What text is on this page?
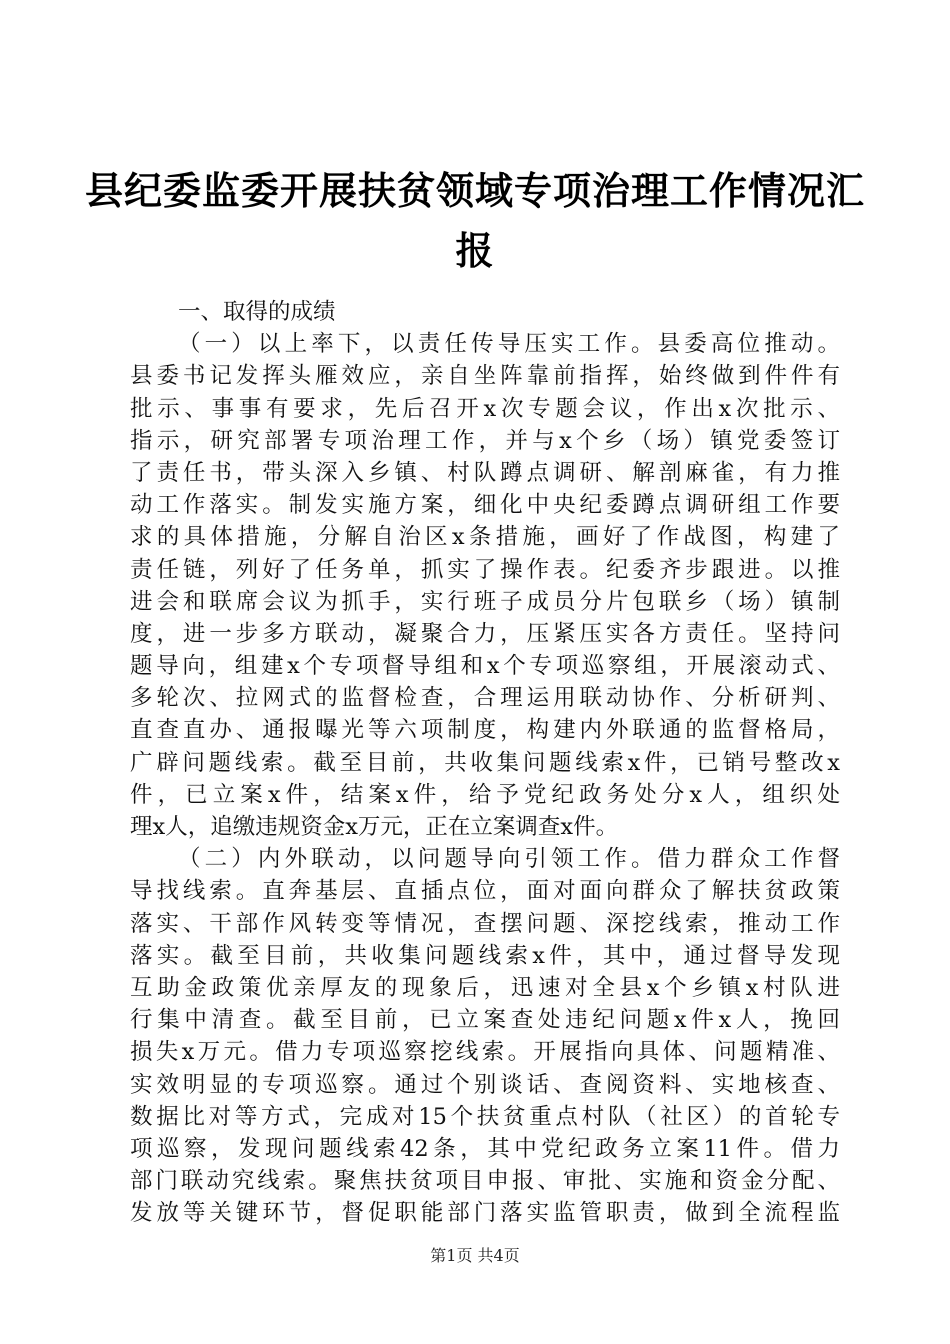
县纪委监委开展扶贫领域专项治理工作情况汇
报
一、取得的成绩
（一）以上率下，以责任传导压实工作。县委高位推动。
县委书记发挥头雁效应，亲自坐阵靠前指挥，始终做到件件有
批示、事事有要求，先后召开x次专题会议，作出x次批示、
指示，研究部署专项治理工作，并与x个乡（场）镇党委签订
了责任书，带头深入乡镇、村队蹲点调研、解剖麻雀，有力推
动工作落实。制发实施方案，细化中央纪委蹲点调研组工作要
求的具体措施，分解自治区x条措施，画好了作战图，构建了
责任链，列好了任务单，抓实了操作表。纪委齐步跟进。以推
进会和联席会议为抓手，实行班子成员分片包联乡（场）镇制
度，进一步多方联动，凝聚合力，压紧压实各方责任。坚持问
题导向，组建x个专项督导组和x个专项巡察组，开展滚动式、
多轮次、拉网式的监督检查，合理运用联动协作、分析研判、
直查直办、通报曝光等六项制度，构建内外联通的监督格局，
广辟问题线索。截至目前，共收集问题线索x件，已销号整改x
件，已立案x件，结案x件，给予党纪政务处分x人，组织处
理x人，追缴违规资金x万元，正在立案调查x件。
（二）内外联动，以问题导向引领工作。借力群众工作督
导找线索。直奔基层、直插点位，面对面向群众了解扶贫政策
落实、干部作风转变等情况，查摆问题、深挖线索，推动工作
落实。截至目前，共收集问题线索x件，其中，通过督导发现
互助金政策优亲厚友的现象后，迅速对全县x个乡镇x村队进
行集中清查。截至目前，已立案查处违纪问题x件x人，挽回
损失x万元。借力专项巡察挖线索。开展指向具体、问题精准、
实效明显的专项巡察。通过个别谈话、查阅资料、实地核查、
数据比对等方式，完成对15个扶贫重点村队（社区）的首轮专
项巡察，发现问题线索42条，其中党纪政务立案11件。借力
部门联动究线索。聚焦扶贫项目申报、审批、实施和资金分配、
发放等关键环节，督促职能部门落实监管职责，做到全流程监
第1页 共4页
